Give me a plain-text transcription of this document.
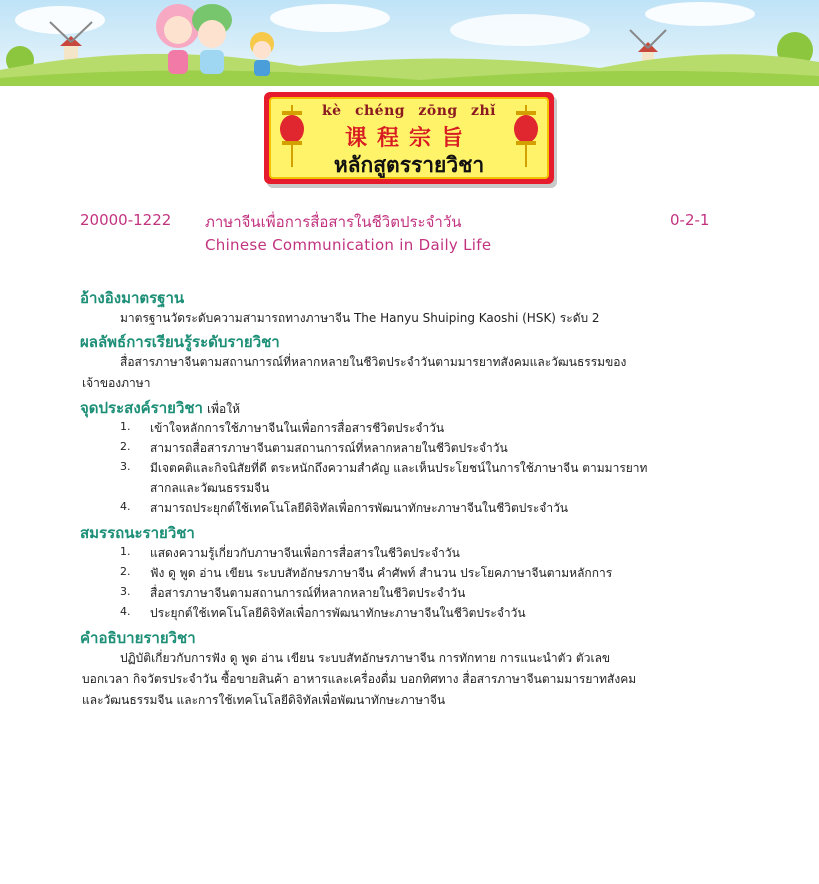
kè chéng zōng zhǐ
课程宗旨
หลักสูตรรายวิชา
20000-1222 ภาษาจีนเพื่อการสื่อสารในชีวิตประจำวัน	0-2-1
Chinese Communication in Daily Life
อ้างอิงมาตรฐาน
มาตรฐานวัดระดับความสามารถทางภาษาจีน The Hanyu Shuiping Kaoshi (HSK) ระดับ 2
ผลลัพธ์การเรียนรู้ระดับรายวิชา
สื่อสารภาษาจีนตามสถานการณ์ที่หลากหลายในชีวิตประจำวันตามมารยาทสังคมและวัฒนธรรมของ
เจ้าของภาษา
จุดประสงค์รายวิชา เพื่อให้
1. เข้าใจหลักการใช้ภาษาจีนในเพื่อการสื่อสารชีวิตประจำวัน
2. สามารถสื่อสารภาษาจีนตามสถานการณ์ที่หลากหลายในชีวิตประจำวัน
3. มีเจตคติและกิจนิสัยที่ดี ตระหนักถึงความสำคัญ และเห็นประโยชน์ในการใช้ภาษาจีน ตามมารยาท
สากลและวัฒนธรรมจีน
4. สามารถประยุกต์ใช้เทคโนโลยีดิจิทัลเพื่อการพัฒนาทักษะภาษาจีนในชีวิตประจำวัน
สมรรถนะรายวิชา
1. แสดงความรู้เกี่ยวกับภาษาจีนเพื่อการสื่อสารในชีวิตประจำวัน
2. ฟัง ดู พูด อ่าน เขียน ระบบสัทอักษรภาษาจีน คำศัพท์ สำนวน ประโยคภาษาจีนตามหลักการ
3. สื่อสารภาษาจีนตามสถานการณ์ที่หลากหลายในชีวิตประจำวัน
4. ประยุกต์ใช้เทคโนโลยีดิจิทัลเพื่อการพัฒนาทักษะภาษาจีนในชีวิตประจำวัน
คำอธิบายรายวิชา
ปฏิบัติเกี่ยวกับการฟัง ดู พูด อ่าน เขียน ระบบสัทอักษรภาษาจีน การทักทาย การแนะนำตัว ตัวเลข
บอกเวลา กิจวัตรประจำวัน ซื้อขายสินค้า อาหารและเครื่องดื่ม บอกทิศทาง สื่อสารภาษาจีนตามมารยาทสังคม
และวัฒนธรรมจีน และการใช้เทคโนโลยีดิจิทัลเพื่อพัฒนาทักษะภาษาจีน
